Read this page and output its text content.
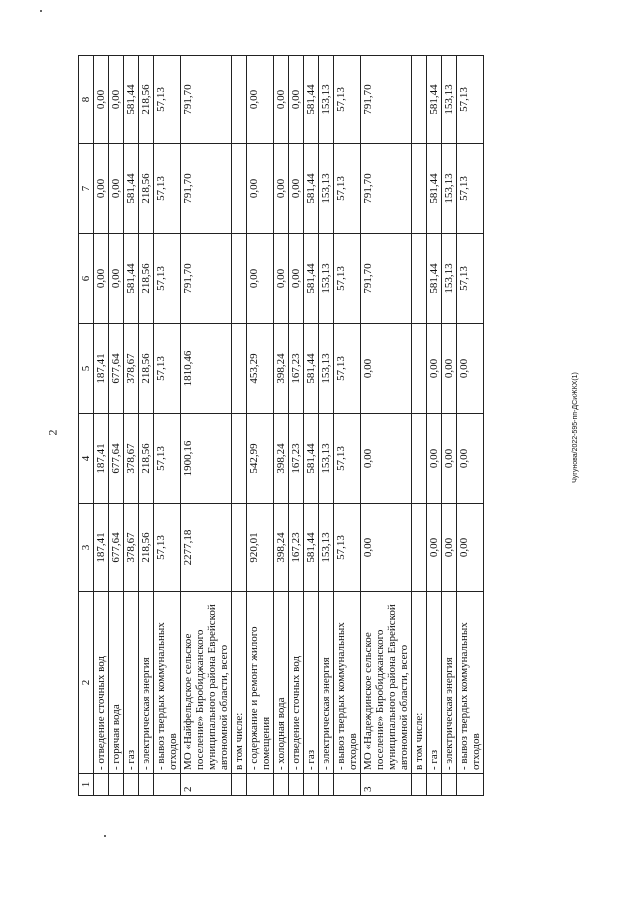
2	Чугунова/2022-595-пп-ДСиЖКХ(1)
1	2	3	4	5	6	7	8
	- отведение сточных вод	187,41	187,41	187,41	0,00	0,00	0,00
	- горячая вода	677,64	677,64	677,64	0,00	0,00	0,00
	- газ	378,67	378,67	378,67	581,44	581,44	581,44
	- электрическая энергия	218,56	218,56	218,56	218,56	218,56	218,56
	- вывоз твердых коммунальных отходов	57,13	57,13	57,13	57,13	57,13	57,13
2	МО «Найфельдское сельское поселение» Биробиджанского муниципального района Еврейской автономной области, всего	2277,18	1900,16	1810,46	791,70	791,70	791,70
	в том числе:						
	- содержание и ремонт жилого помещения	920,01	542,99	453,29	0,00	0,00	0,00
	- холодная вода	398,24	398,24	398,24	0,00	0,00	0,00
	- отведение сточных вод	167,23	167,23	167,23	0,00	0,00	0,00
	- газ	581,44	581,44	581,44	581,44	581,44	581,44
	- электрическая энергия	153,13	153,13	153,13	153,13	153,13	153,13
	- вывоз твердых коммунальных отходов	57,13	57,13	57,13	57,13	57,13	57,13
3	МО «Надеждинское сельское поселение» Биробиджанского муниципального района Еврейской автономной области, всего	0,00	0,00	0,00	791,70	791,70	791,70
	в том числе:						
	- газ	0,00	0,00	0,00	581,44	581,44	581,44
	- электрическая энергия	0,00	0,00	0,00	153,13	153,13	153,13
	- вывоз твердых коммунальных отходов	0,00	0,00	0,00	57,13	57,13	57,13
